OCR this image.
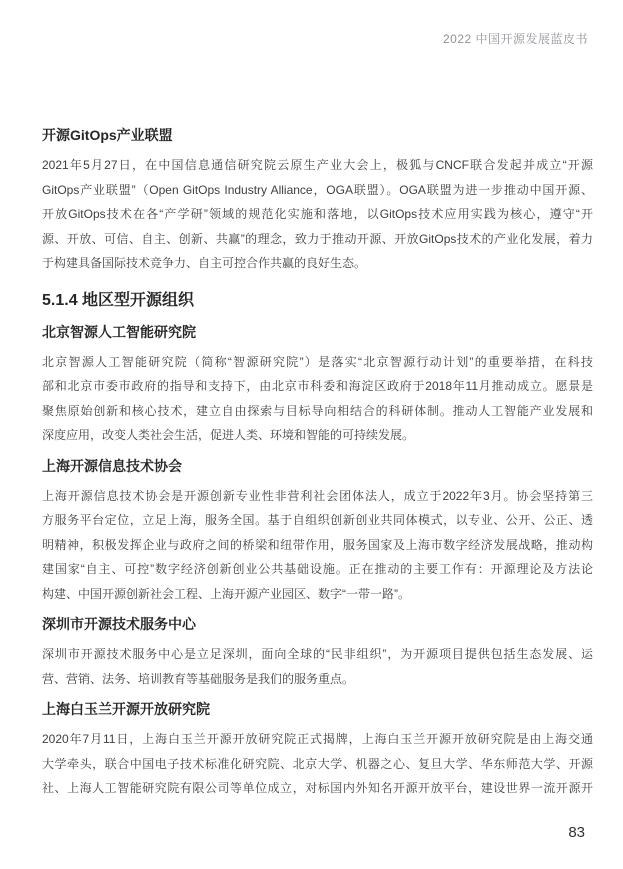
2022 中国开源发展蓝皮书
开源GitOps产业联盟
2021年5月27日，在中国信息通信研究院云原生产业大会上，极狐与CNCF联合发起并成立“开源
GitOps产业联盟”（Open GitOps Industry Alliance，OGA联盟）。OGA联盟为进一步推动中国开源、
开放GitOps技术在各“产学研”领域的规范化实施和落地，以GitOps技术应用实践为核心，遵守“开
源、开放、可信、自主、创新、共赢”的理念，致力于推动开源、开放GitOps技术的产业化发展，着力
于构建具备国际技术竞争力、自主可控合作共赢的良好生态。
5.1.4 地区型开源组织
北京智源人工智能研究院
北京智源人工智能研究院（简称“智源研究院”）是落实“北京智源行动计划”的重要举措，在科技
部和北京市委市政府的指导和支持下，由北京市科委和海淀区政府于2018年11月推动成立。愿景是
聚焦原始创新和核心技术，建立自由探索与目标导向相结合的科研体制。推动人工智能产业发展和
深度应用，改变人类社会生活，促进人类、环境和智能的可持续发展。
上海开源信息技术协会
上海开源信息技术协会是开源创新专业性非营利社会团体法人，成立于2022年3月。协会坚持第三
方服务平台定位，立足上海，服务全国。基于自组织创新创业共同体模式，以专业、公开、公正、透
明精神，积极发挥企业与政府之间的桥梁和纽带作用，服务国家及上海市数字经济发展战略，推动构
建国家“自主、可控”数字经济创新创业公共基础设施。正在推动的主要工作有：开源理论及方法论
构建、中国开源创新社会工程、上海开源产业园区、数字“一带一路”。
深圳市开源技术服务中心
深圳市开源技术服务中心是立足深圳，面向全球的“民非组织”，为开源项目提供包括生态发展、运
营、营销、法务、培训教育等基础服务是我们的服务重点。
上海白玉兰开源开放研究院
2020年7月11日，上海白玉兰开源开放研究院正式揭牌，上海白玉兰开源开放研究院是由上海交通
大学牵头，联合中国电子技术标准化研究院、北京大学、机器之心、复旦大学、华东师范大学、开源
社、上海人工智能研究院有限公司等单位成立，对标国内外知名开源开放平台，建设世界一流开源开
83
